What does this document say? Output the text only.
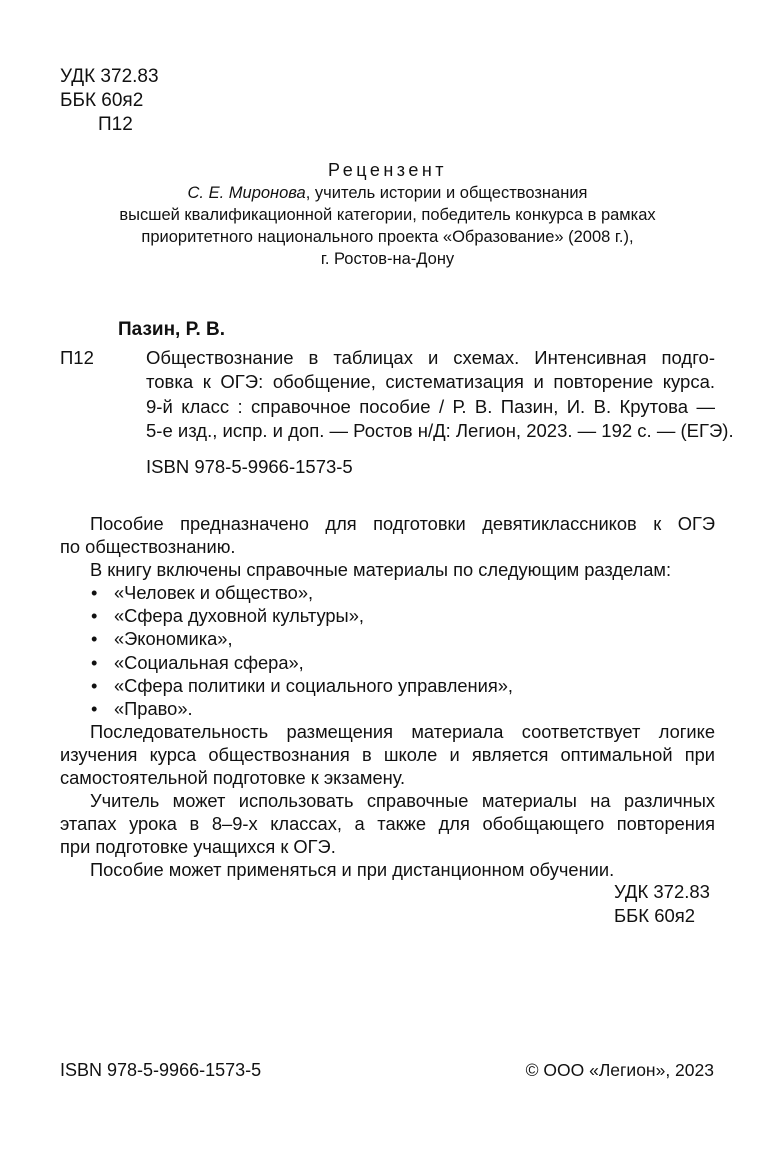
УДК 372.83
ББК 60я2
П12
Рецензент
С. Е. Миронова, учитель истории и обществознания
высшей квалификационной категории, победитель конкурса в рамках
приоритетного национального проекта «Образование» (2008 г.),
г. Ростов-на-Дону
Пазин, Р. В.
П12	Обществознание в таблицах и схемах. Интенсивная подго-
товка к ОГЭ: обобщение, систематизация и повторение курса.
9-й класс : справочное пособие / Р. В. Пазин, И. В. Крутова —
5-е изд., испр. и доп. — Ростов н/Д: Легион, 2023. — 192 с. — (ЕГЭ).
ISBN 978-5-9966-1573-5
Пособие предназначено для подготовки девятиклассников к ОГЭ
по обществознанию.
В книгу включены справочные материалы по следующим разделам:
• «Человек и общество»,
• «Сфера духовной культуры»,
• «Экономика»,
• «Социальная сфера»,
• «Сфера политики и социального управления»,
• «Право».
Последовательность размещения материала соответствует логике
изучения курса обществознания в школе и является оптимальной при
самостоятельной подготовке к экзамену.
Учитель может использовать справочные материалы на различных
этапах урока в 8–9-х классах, а также для обобщающего повторения
при подготовке учащихся к ОГЭ.
Пособие может применяться и при дистанционном обучении.
УДК 372.83
ББК 60я2
ISBN 978-5-9966-1573-5	© ООО «Легион», 2023
